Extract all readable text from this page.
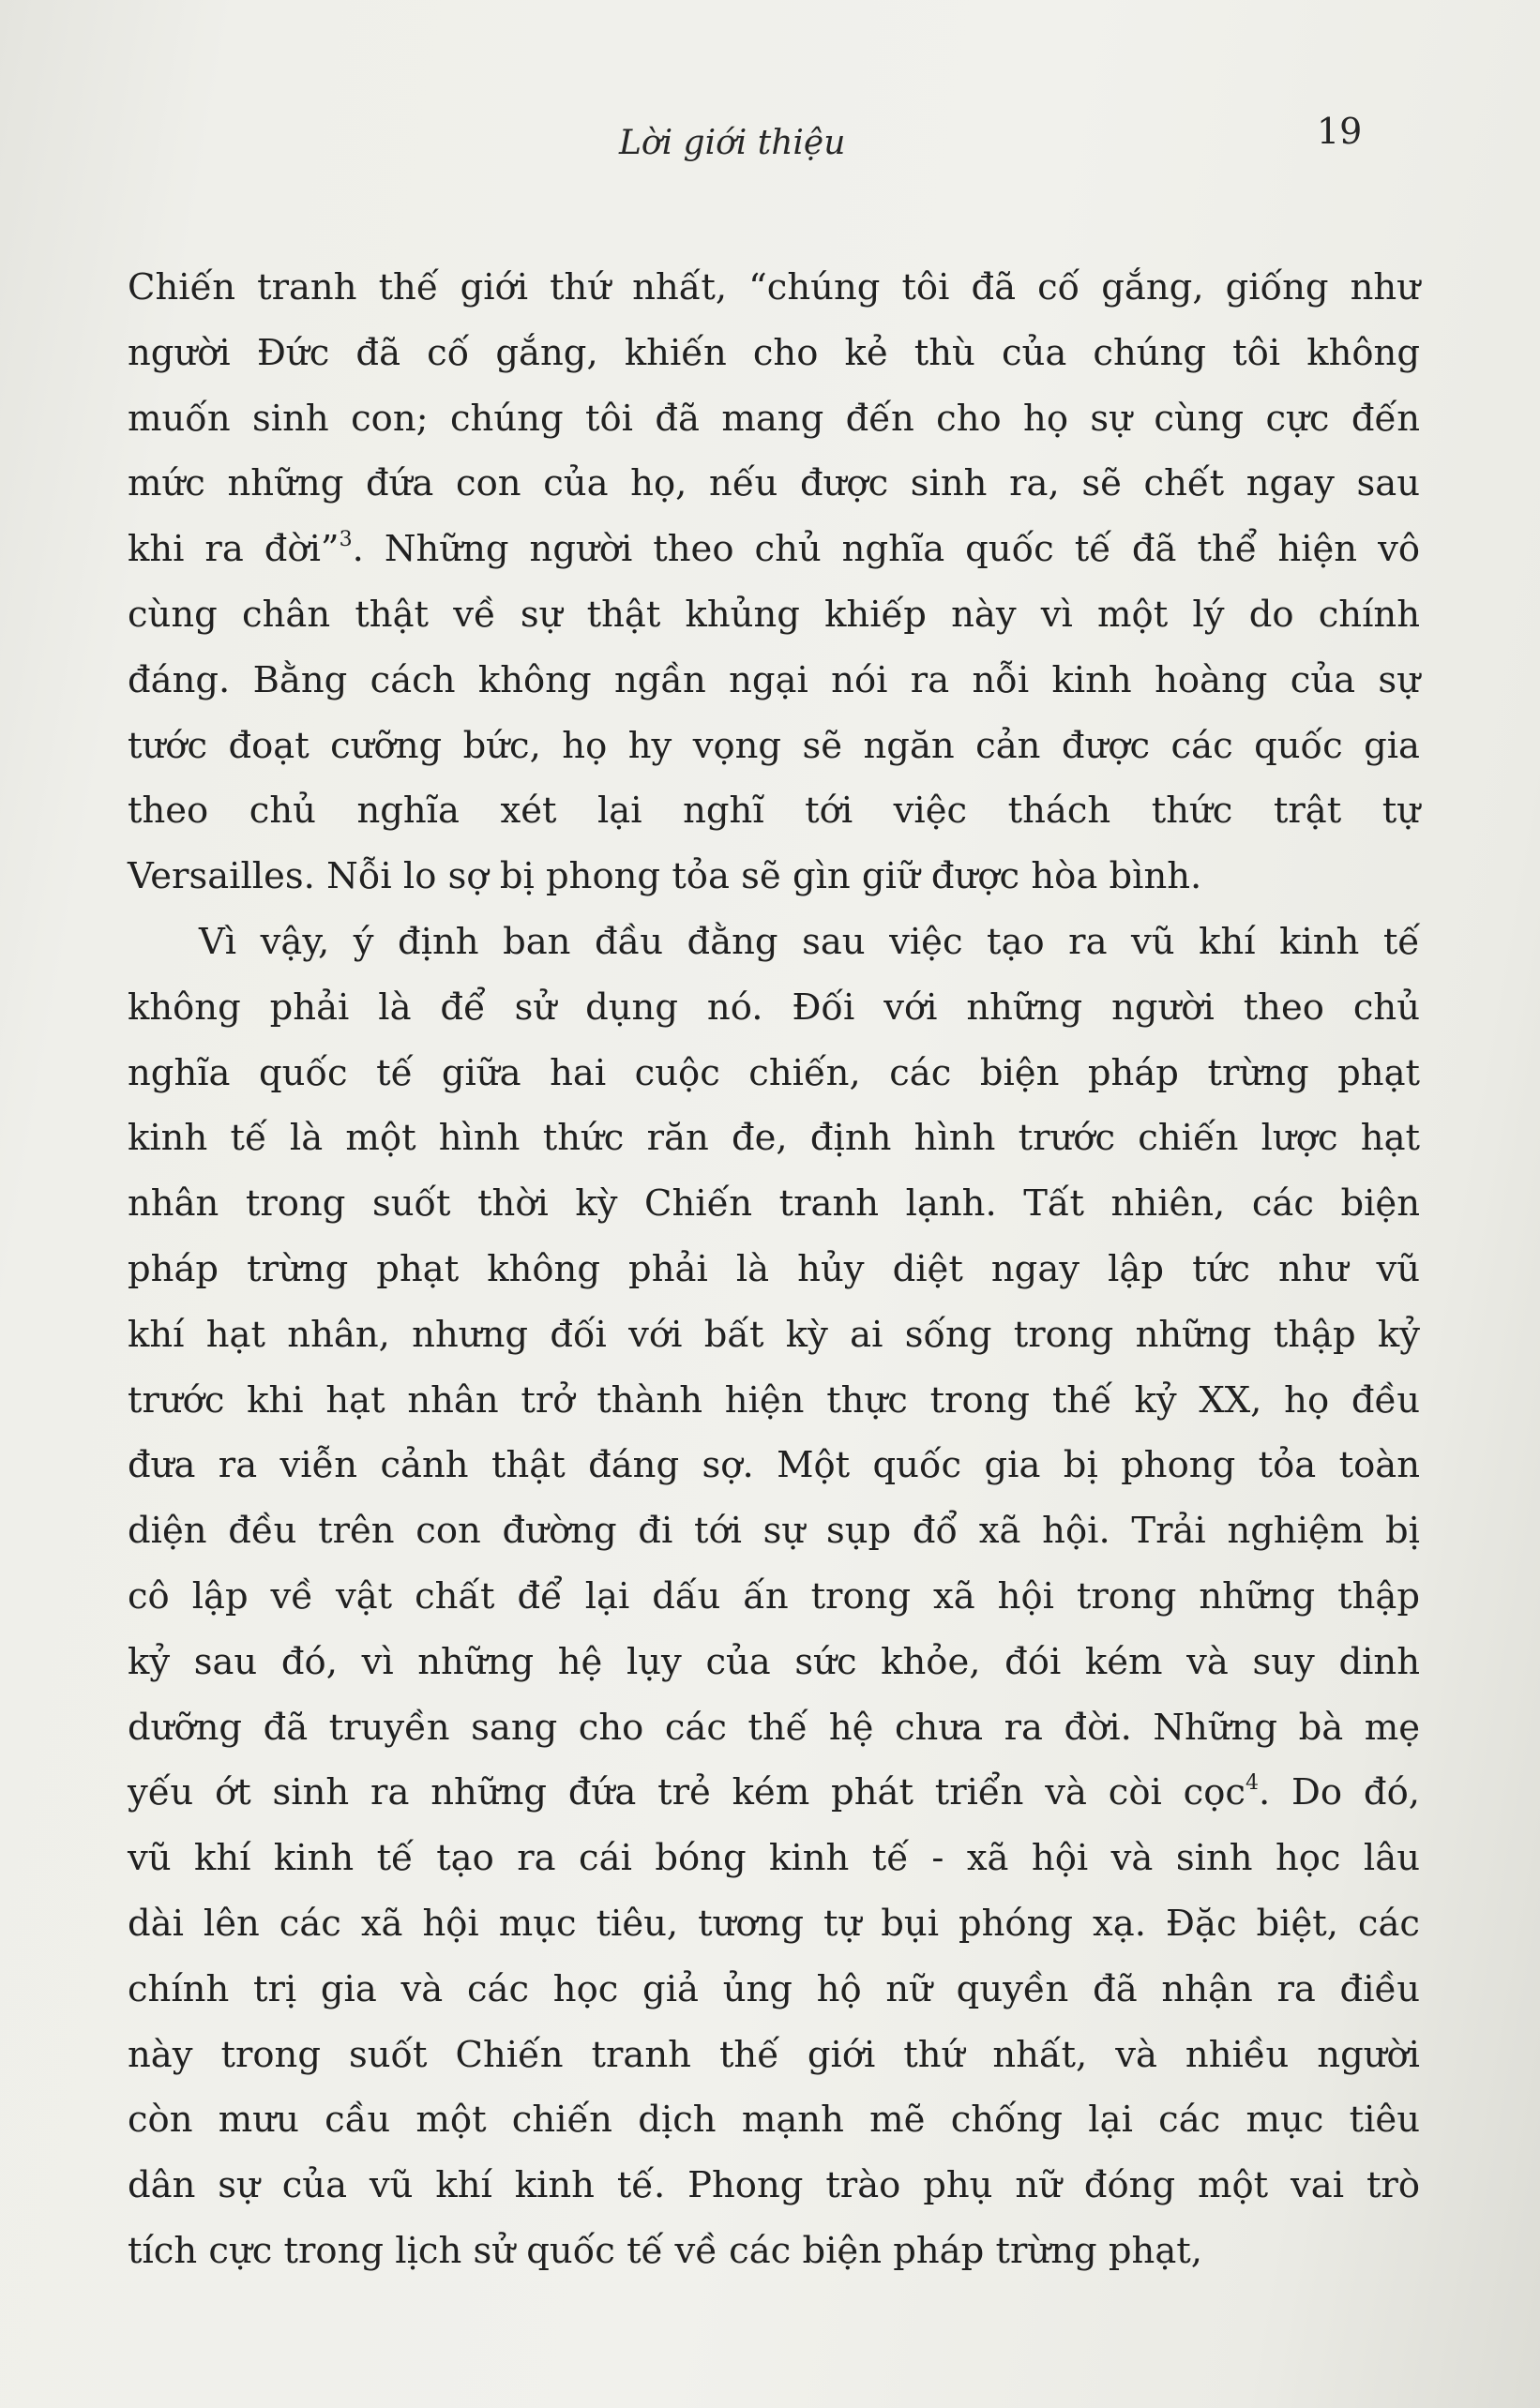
Lời giới thiệu	19
Chiến tranh thế giới thứ nhất, “chúng tôi đã cố gắng, giống như
người Đức đã cố gắng, khiến cho kẻ thù của chúng tôi không
muốn sinh con; chúng tôi đã mang đến cho họ sự cùng cực đến
mức những đứa con của họ, nếu được sinh ra, sẽ chết ngay sau
khi ra đời”$^3$. Những người theo chủ nghĩa quốc tế đã thể hiện vô
cùng chân thật về sự thật khủng khiếp này vì một lý do chính
đáng. Bằng cách không ngần ngại nói ra nỗi kinh hoàng của sự
tước đoạt cưỡng bức, họ hy vọng sẽ ngăn cản được các quốc gia
theo chủ nghĩa xét lại nghĩ tới việc thách thức trật tự
Versailles. Nỗi lo sợ bị phong tỏa sẽ gìn giữ được hòa bình.
Vì vậy, ý định ban đầu đằng sau việc tạo ra vũ khí kinh tế
không phải là để sử dụng nó. Đối với những người theo chủ
nghĩa quốc tế giữa hai cuộc chiến, các biện pháp trừng phạt
kinh tế là một hình thức răn đe, định hình trước chiến lược hạt
nhân trong suốt thời kỳ Chiến tranh lạnh. Tất nhiên, các biện
pháp trừng phạt không phải là hủy diệt ngay lập tức như vũ
khí hạt nhân, nhưng đối với bất kỳ ai sống trong những thập kỷ
trước khi hạt nhân trở thành hiện thực trong thế kỷ XX, họ đều
đưa ra viễn cảnh thật đáng sợ. Một quốc gia bị phong tỏa toàn
diện đều trên con đường đi tới sự sụp đổ xã hội. Trải nghiệm bị
cô lập về vật chất để lại dấu ấn trong xã hội trong những thập
kỷ sau đó, vì những hệ lụy của sức khỏe, đói kém và suy dinh
dưỡng đã truyền sang cho các thế hệ chưa ra đời. Những bà mẹ
yếu ớt sinh ra những đứa trẻ kém phát triển và còi cọc$^4$. Do đó,
vũ khí kinh tế tạo ra cái bóng kinh tế - xã hội và sinh học lâu
dài lên các xã hội mục tiêu, tương tự bụi phóng xạ. Đặc biệt, các
chính trị gia và các học giả ủng hộ nữ quyền đã nhận ra điều
này trong suốt Chiến tranh thế giới thứ nhất, và nhiều người
còn mưu cầu một chiến dịch mạnh mẽ chống lại các mục tiêu
dân sự của vũ khí kinh tế. Phong trào phụ nữ đóng một vai trò
tích cực trong lịch sử quốc tế về các biện pháp trừng phạt,
